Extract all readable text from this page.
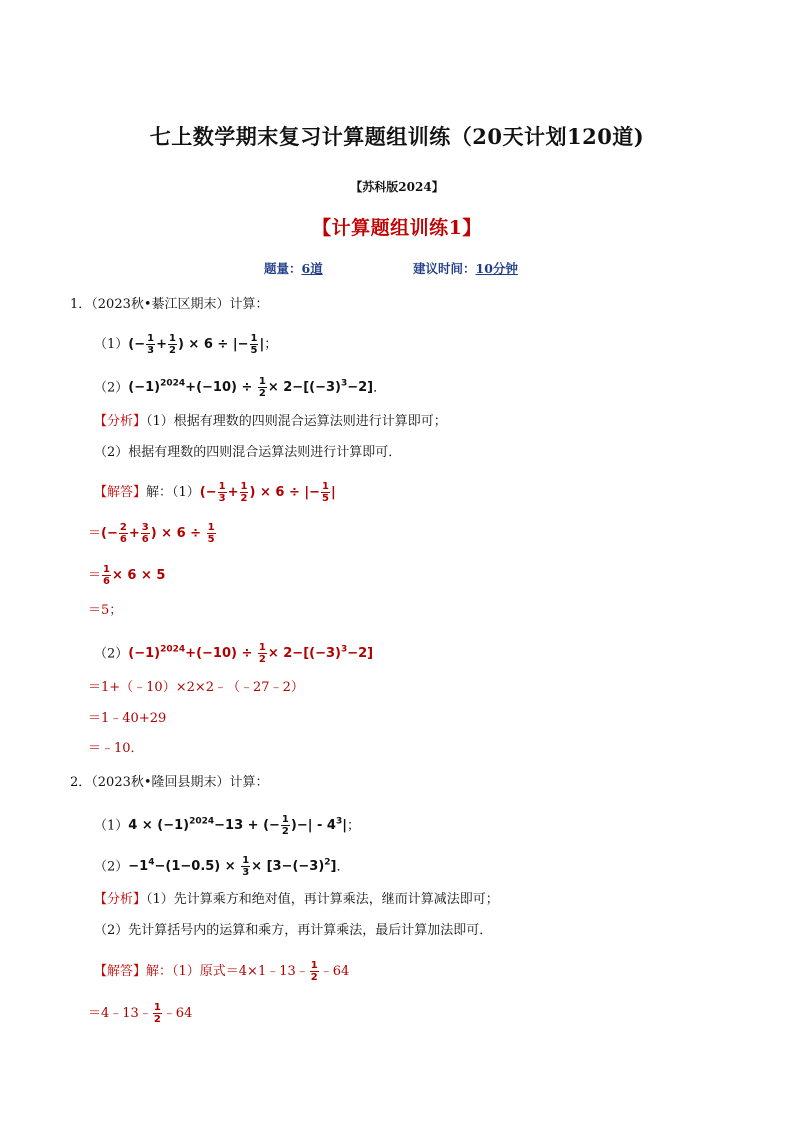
七上数学期末复习计算题组训练（20天计划120道)
【苏科版2024】
【计算题组训练1】
题量：6道	建议时间：10分钟
1．（2023秋•綦江区期末）计算：
$(1)(- \frac{1}{3} + \frac{1}{2}$ ) × 6 ÷ |− $\frac{1}{5}$ |；
$(2)(-1)^{2024}+(-10) \div \frac{1}{2} \times 2-[(-3)^3-2]$．
【分析】（1）根据有理数的四则混合运算法则进行计算即可；
（2）根据有理数的四则混合运算法则进行计算即可．
【解答】解：$(1)(- \frac{1}{3} + \frac{1}{2}$ ) × 6 ÷ |− $\frac{1}{5}$ |
＝(− $\frac{2}{6} + \frac{3}{6}$ ) × $6 \div \frac{1}{5}$
＝ $\frac{1}{6} \times 6 \times 5$
＝5；
$(2)(-1)^{2024}+(-10) \div \frac{1}{2} \times 2-[(-3)^3-2]$
＝1+（﹣10）×2×2﹣（﹣27﹣2）
＝1﹣40+29
＝﹣10．
2．（2023秋•隆回县期末）计算：
$(1)4 \times (-1)^{2024}-13$ + (− $\frac{1}{2}$ )−| - $4^3|$；
$(2)-1^4-(1-0.5) \times \frac{1}{3} \times [3-(-3)^2]$．
【分析】（1）先计算乘方和绝对值，再计算乘法，继而计算减法即可；
（2）先计算括号内的运算和乘方，再计算乘法，最后计算加法即可．
【解答】解：（1）原式＝4×1﹣13﹣ $\frac{1}{2}$ ﹣64
＝4﹣13﹣ $\frac{1}{2}$ ﹣64
